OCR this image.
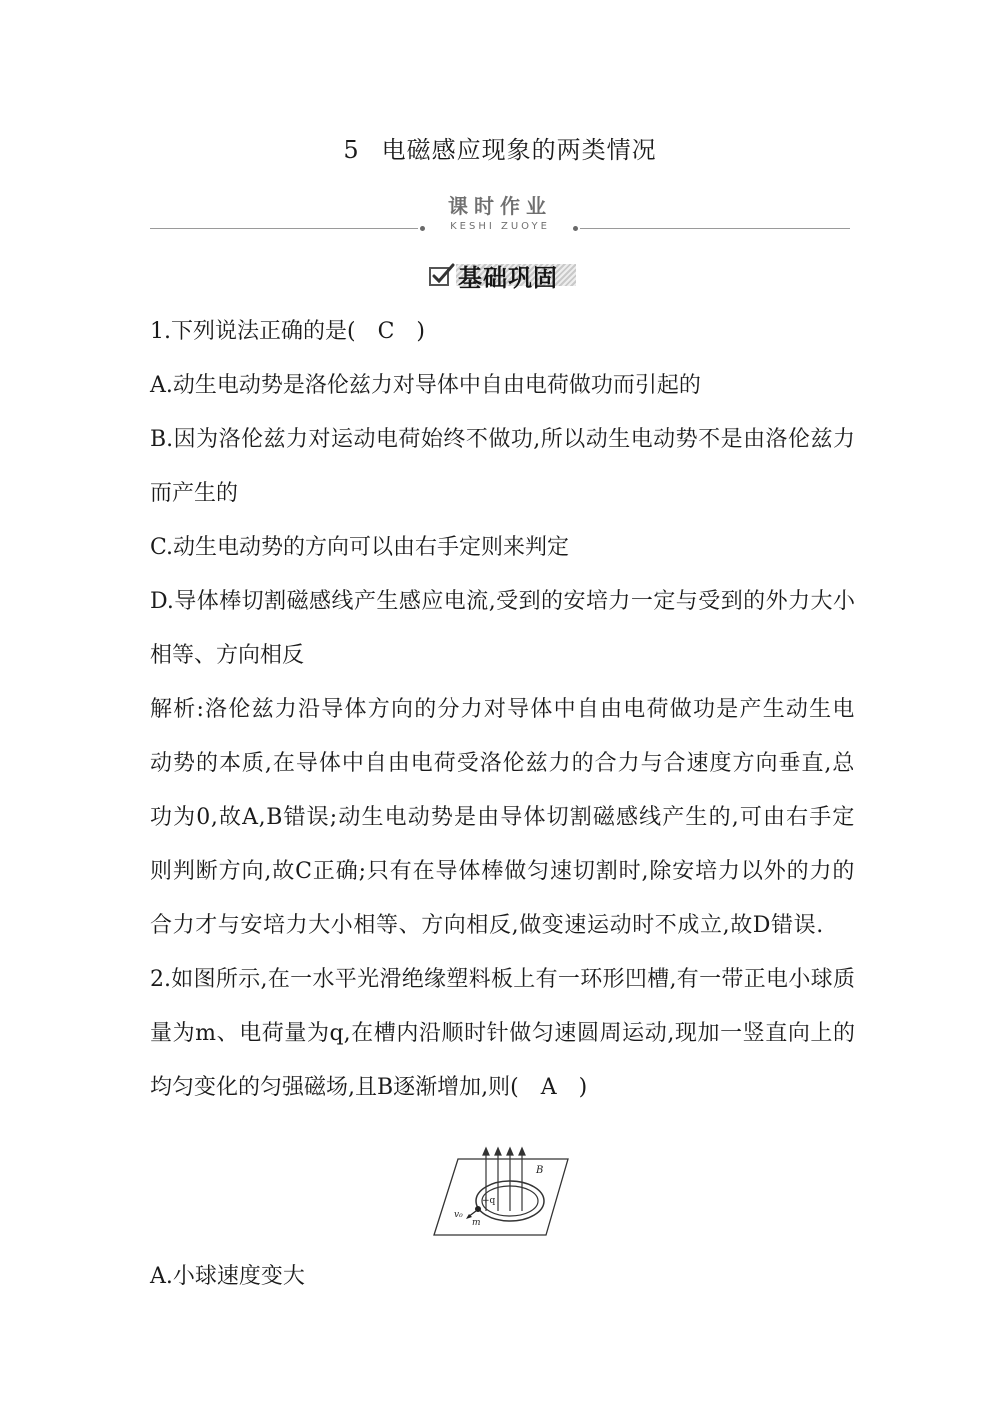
5 电磁感应现象的两类情况
课时作业
KESHI ZUOYE
基础巩固

1.下列说法正确的是(　C　)

A.动生电动势是洛伦兹力对导体中自由电荷做功而引起的

B.因为洛伦兹力对运动电荷始终不做功,所以动生电动势不是由洛伦兹力而产生的

C.动生电动势的方向可以由右手定则来判定

D.导体棒切割磁感线产生感应电流,受到的安培力一定与受到的外力大小相等、方向相反

解析:洛伦兹力沿导体方向的分力对导体中自由电荷做功是产生动生电动势的本质,在导体中自由电荷受洛伦兹力的合力与合速度方向垂直,总功为0,故A,B错误;动生电动势是由导体切割磁感线产生的,可由右手定则判断方向,故C正确;只有在导体棒做匀速切割时,除安培力以外的力的合力才与安培力大小相等、方向相反,做变速运动时不成立,故D错误.

2.如图所示,在一水平光滑绝缘塑料板上有一环形凹槽,有一带正电小球质量为m、电荷量为q,在槽内沿顺时针做匀速圆周运动,现加一竖直向上的均匀变化的匀强磁场,且B逐渐增加,则(　A　)

B
+q
v₀
m
A.小球速度变大
